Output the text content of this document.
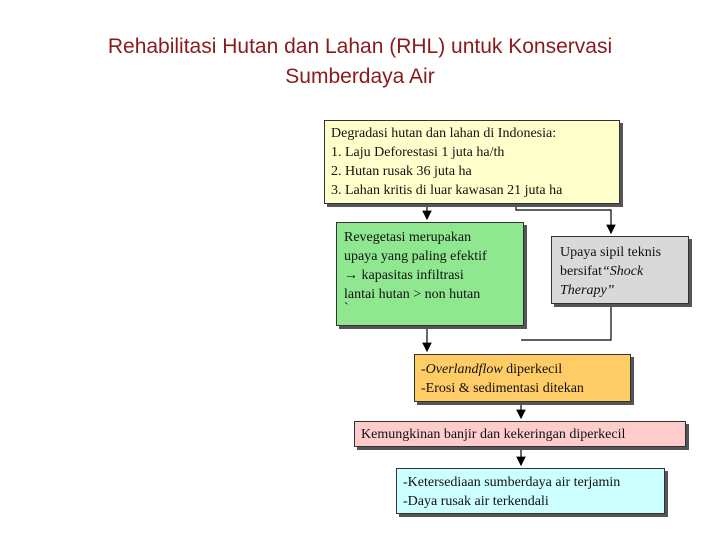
Rehabilitasi Hutan dan Lahan (RHL) untuk Konservasi
Sumberdaya Air
Degradasi hutan dan lahan di Indonesia:
1. Laju Deforestasi 1 juta ha/th
2. Hutan rusak 36 juta ha
3. Lahan kritis di luar kawasan 21 juta ha
Revegetasi merupakan
upaya yang paling efektif
→ kapasitas infiltrasi
lantai hutan > non hutan
`
Upaya sipil teknis
bersifat“Shock
Therapy”
-Overlandflow diperkecil
-Erosi & sedimentasi ditekan
Kemungkinan banjir dan kekeringan diperkecil
-Ketersediaan sumberdaya air terjamin
-Daya rusak air terkendali
